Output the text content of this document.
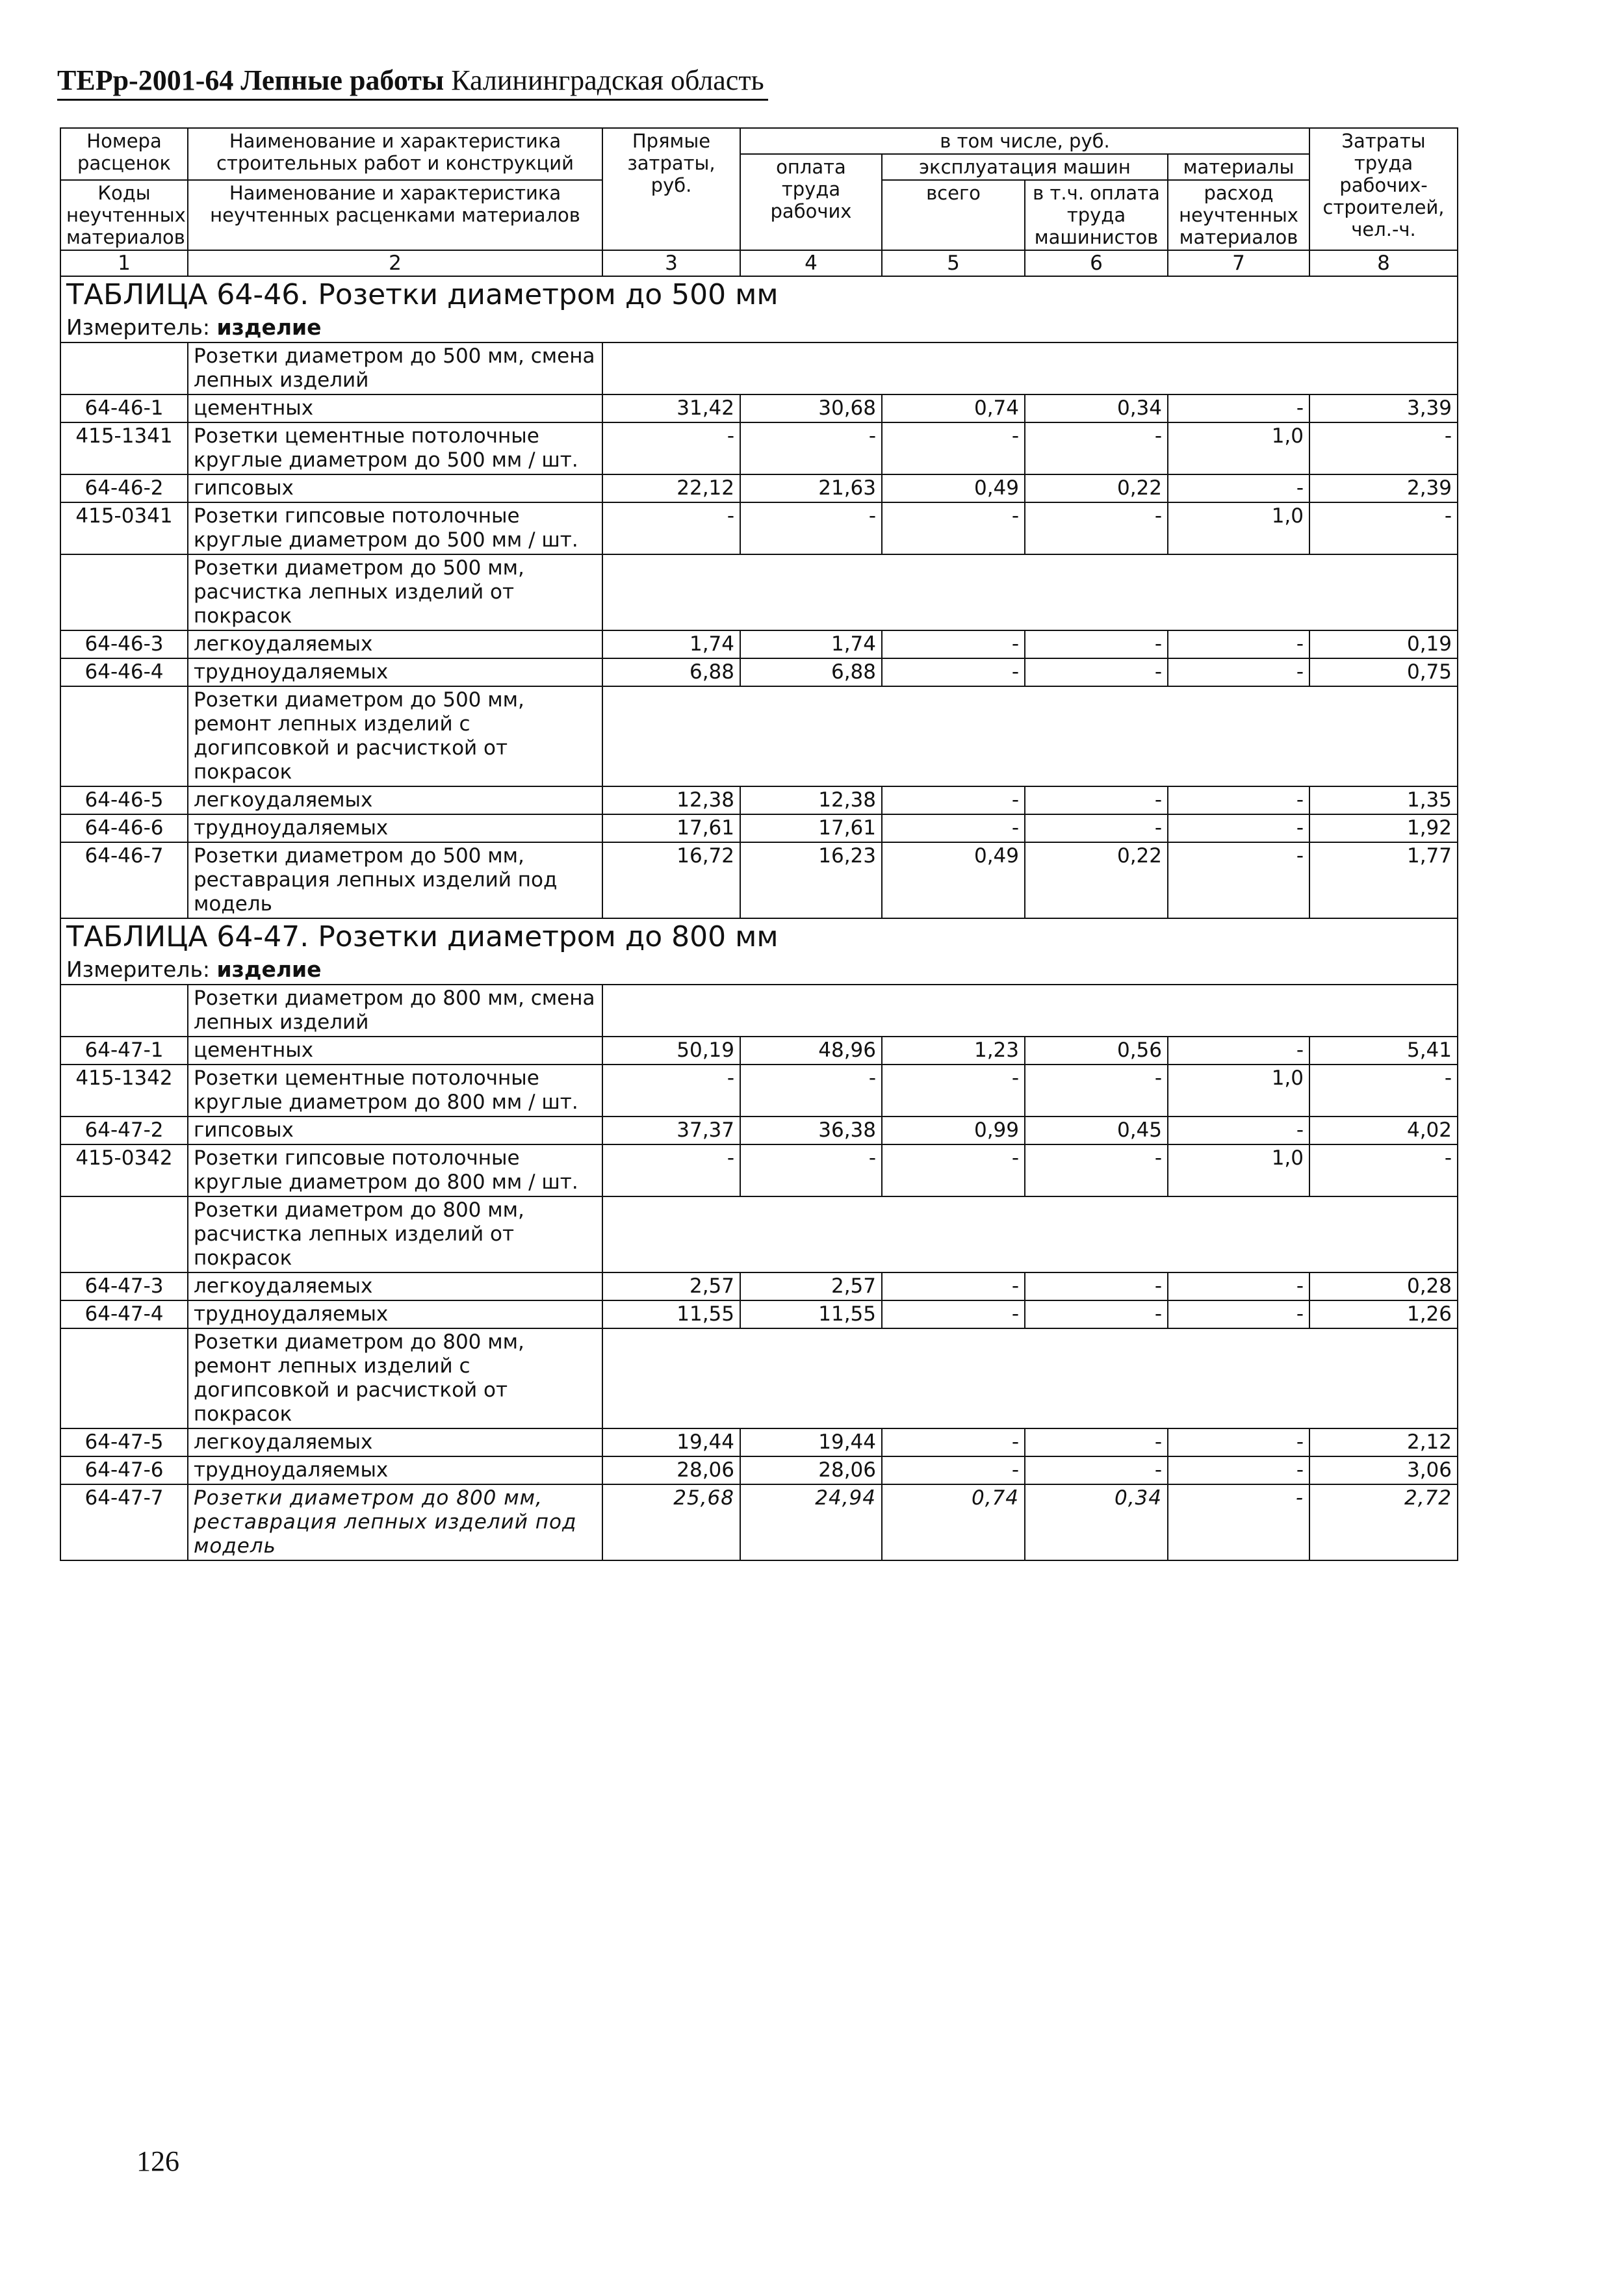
ТЕРр-2001-64 Лепные работы Калининградская область
Номера расценок	Наименование и характеристика строительных работ и конструкций	Прямые затраты, руб.	в том числе, руб.				Затраты труда рабочих-строителей, чел.-ч.
			оплата труда рабочих	эксплуатация машин		материалы	
Коды неучтенных материалов	Наименование и характеристика неучтенных расценками материалов			всего	в т.ч. оплата труда машинистов	расход неучтенных материалов	

1	2	3	4	5	6	7	8
ТАБЛИЦА 64-46. Розетки диаметром до 500 мм							
Измеритель: изделие							
	Розетки диаметром до 500 мм, смена лепных изделий						
64-46-1	цементных	31,42	30,68	0,74	0,34	-	3,39
415-1341	Розетки цементные потолочные круглые диаметром до 500 мм / шт.	-	-	-	-	1,0	-
64-46-2	гипсовых	22,12	21,63	0,49	0,22	-	2,39
415-0341	Розетки гипсовые потолочные круглые диаметром до 500 мм / шт.	-	-	-	-	1,0	-
	Розетки диаметром до 500 мм, расчистка лепных изделий от покрасок						
64-46-3	легкоудаляемых	1,74	1,74	-	-	-	0,19
64-46-4	трудноудаляемых	6,88	6,88	-	-	-	0,75
	Розетки диаметром до 500 мм, ремонт лепных изделий с догипсовкой и расчисткой от покрасок						
64-46-5	легкоудаляемых	12,38	12,38	-	-	-	1,35
64-46-6	трудноудаляемых	17,61	17,61	-	-	-	1,92
64-46-7	Розетки диаметром до 500 мм, реставрация лепных изделий под модель	16,72	16,23	0,49	0,22	-	1,77
ТАБЛИЦА 64-47. Розетки диаметром до 800 мм							
Измеритель: изделие							
	Розетки диаметром до 800 мм, смена лепных изделий						
64-47-1	цементных	50,19	48,96	1,23	0,56	-	5,41
415-1342	Розетки цементные потолочные круглые диаметром до 800 мм / шт.	-	-	-	-	1,0	-
64-47-2	гипсовых	37,37	36,38	0,99	0,45	-	4,02
415-0342	Розетки гипсовые потолочные круглые диаметром до 800 мм / шт.	-	-	-	-	1,0	-
	Розетки диаметром до 800 мм, расчистка лепных изделий от покрасок						
64-47-3	легкоудаляемых	2,57	2,57	-	-	-	0,28
64-47-4	трудноудаляемых	11,55	11,55	-	-	-	1,26
	Розетки диаметром до 800 мм, ремонт лепных изделий с догипсовкой и расчисткой от покрасок						
64-47-5	легкоудаляемых	19,44	19,44	-	-	-	2,12
64-47-6	трудноудаляемых	28,06	28,06	-	-	-	3,06
64-47-7	Розетки диаметром до 800 мм, реставрация лепных изделий под модель	25,68	24,94	0,74	0,34	-	2,72
126
